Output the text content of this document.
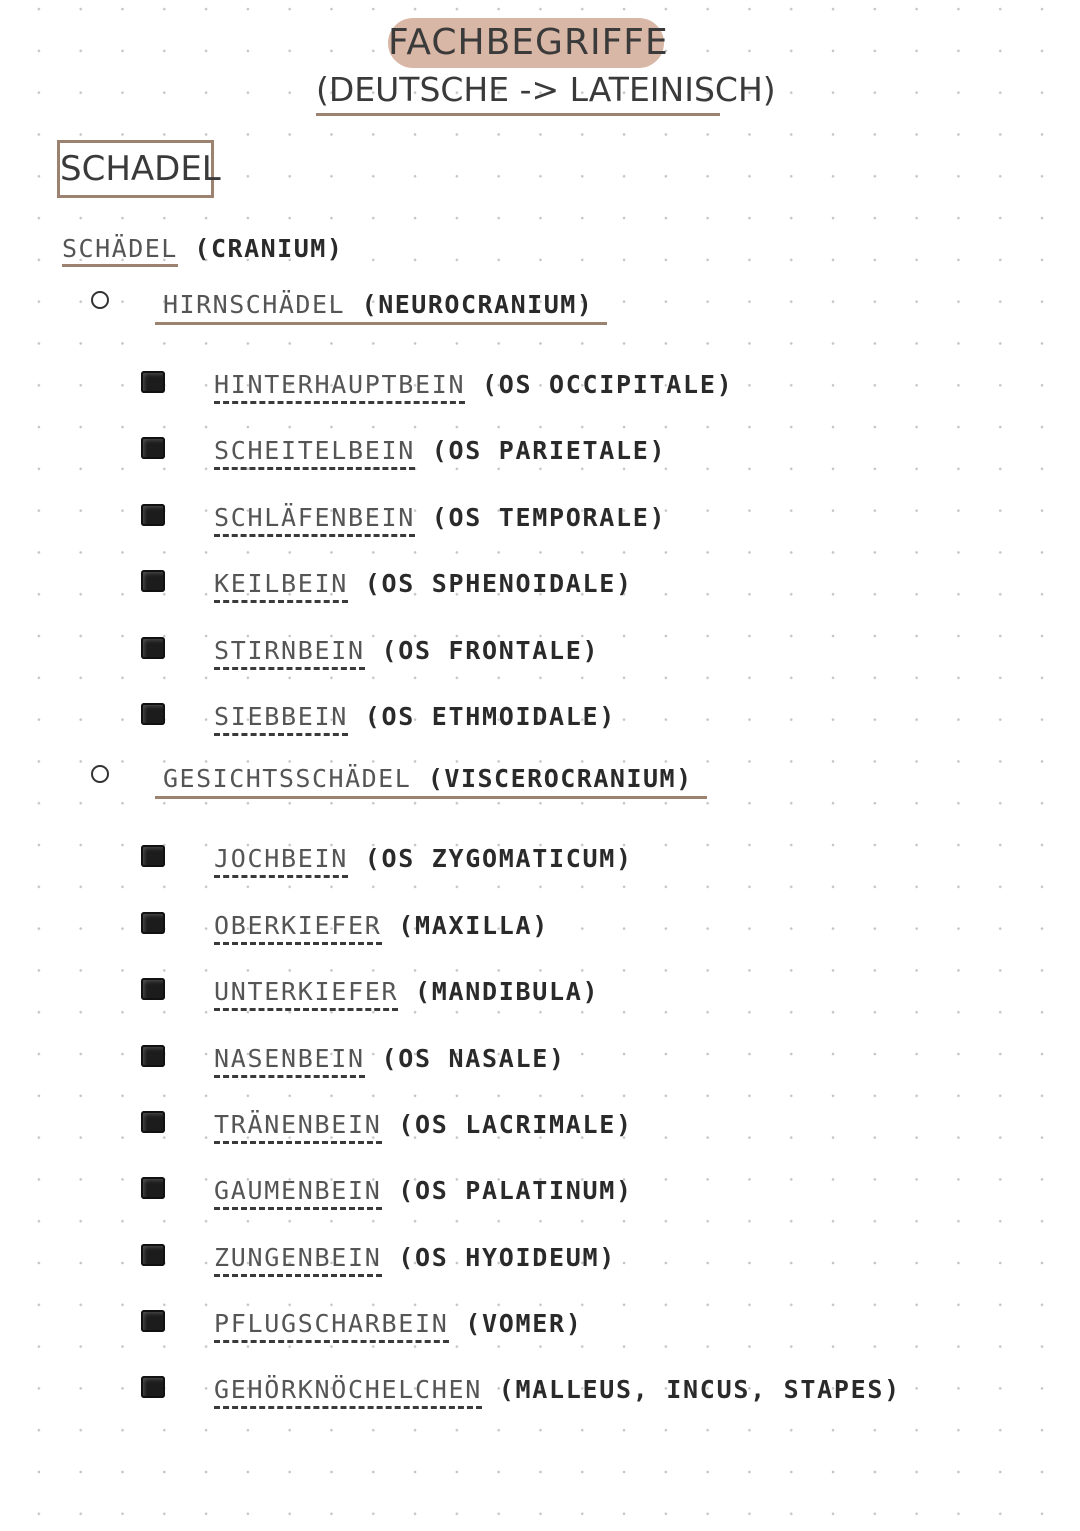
FACHBEGRIFFE
(DEUTSCHE -> LATEINISCH)
SCHADEL
SCHÄDEL (CRANIUM)
HIRNSCHÄDEL (NEUROCRANIUM)
HINTERHAUPTBEIN (OS OCCIPITALE)
SCHEITELBEIN (OS PARIETALE)
SCHLÄFENBEIN (OS TEMPORALE)
KEILBEIN (OS SPHENOIDALE)
STIRNBEIN (OS FRONTALE)
SIEBBEIN (OS ETHMOIDALE)
GESICHTSSCHÄDEL (VISCEROCRANIUM)
JOCHBEIN (OS ZYGOMATICUM)
OBERKIEFER (MAXILLA)
UNTERKIEFER (MANDIBULA)
NASENBEIN (OS NASALE)
TRÄNENBEIN (OS LACRIMALE)
GAUMENBEIN (OS PALATINUM)
ZUNGENBEIN (OS HYOIDEUM)
PFLUGSCHARBEIN (VOMER)
GEHÖRKNÖCHELCHEN (MALLEUS, INCUS, STAPES)
